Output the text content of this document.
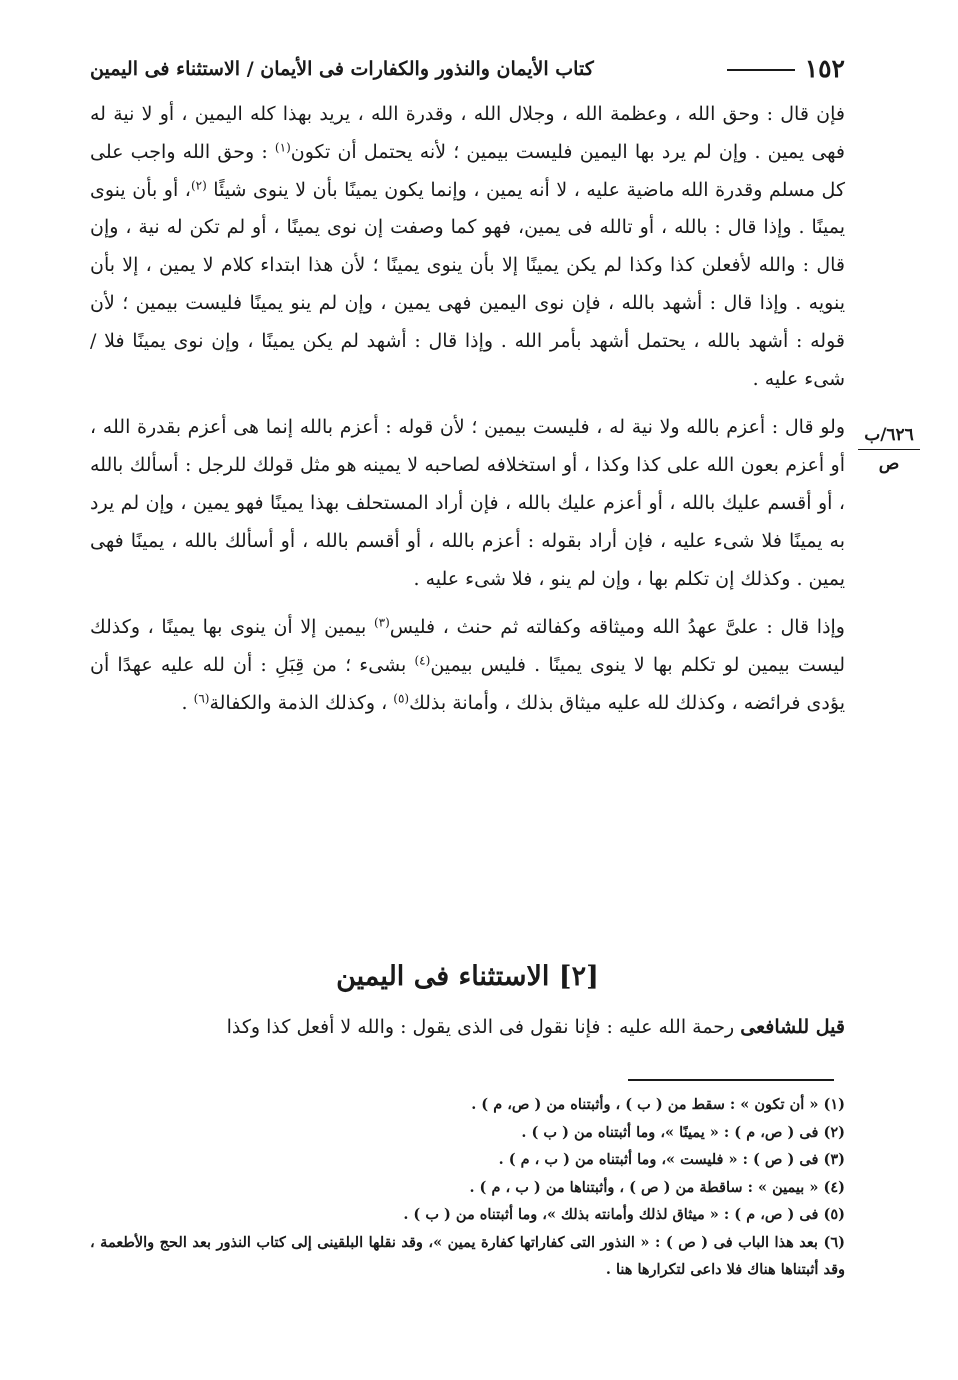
١٥٢
كتاب الأيمان والنذور والكفارات فى الأيمان / الاستثناء فى اليمين
٦٢٦/ب
ص

فإن قال : وحق الله ، وعظمة الله ، وجلال الله ، وقدرة الله ، يريد بهذا كله اليمين ، أو لا نية له فهى يمين . وإن لم يرد بها اليمين فليست بيمين ؛ لأنه يحتمل أن تكون$^{(١)}$ : وحق الله واجب على كل مسلم وقدرة الله ماضية عليه ، لا أنه يمين ، وإنما يكون يمينًا بأن لا ينوى شيئًا $^{(٢)}$، أو بأن ينوى يمينًا . وإذا قال : بالله ، أو تالله فى يمين، فهو كما وصفت إن نوى يمينًا ، أو لم تكن له نية ، وإن قال : والله لأفعلن كذا وكذا لم يكن يمينًا إلا بأن ينوى يمينًا ؛ لأن هذا ابتداء كلام لا يمين ، إلا بأن ينويه . وإذا قال : أشهد بالله ، فإن نوى اليمين فهى يمين ، وإن لم ينو يمينًا فليست بيمين ؛ لأن قوله : أشهد بالله ، يحتمل أشهد بأمر الله . وإذا قال : أشهد لم يكن يمينًا ، وإن نوى يمينًا فلا /شىء عليه .

ولو قال : أعزم بالله ولا نية له ، فليست بيمين ؛ لأن قوله : أعزم بالله إنما هى أعزم بقدرة الله ، أو أعزم بعون الله على كذا وكذا ، أو استخلافه لصاحبه لا يمينه هو مثل قولك للرجل : أسألك بالله ، أو أقسم عليك بالله ، أو أعزم عليك بالله ، فإن أراد المستحلف بهذا يمينًا فهو يمين ، وإن لم يرد به يمينًا فلا شىء عليه ، فإن أراد بقوله : أعزم بالله ، أو أقسم بالله ، أو أسألك بالله ، يمينًا فهى يمين . وكذلك إن تكلم بها ، وإن لم ينو ، فلا شىء عليه .

وإذا قال : علىَّ عهدُ الله وميثاقه وكفالته ثم حنث ، فليس$^{(٣)}$ بيمين إلا أن ينوى بها يمينًا ، وكذلك ليست بيمين لو تكلم بها لا ينوى يمينًا . فليس بيمين$^{(٤)}$ بشىء ؛ من قِبَلِ : أن لله عليه عهدًا أن يؤدى فرائضه ، وكذلك لله عليه ميثاق بذلك ، وأمانة بذلك$^{(٥)}$ ، وكذلك الذمة والكفالة$^{(٦)}$ .

[٢] الاستثناء فى اليمين
قيل للشافعى رحمة الله عليه : فإنا نقول فى الذى يقول : والله لا أفعل كذا وكذا

(١) « أن تكون » : سقط من ( ب ) ، وأثبتناه من ( ص، م ) .

(٢) فى ( ص، م ) : « يمينًا »، وما أثبتناه من ( ب ) .

(٣) فى ( ص ) : « فليست »، وما أثبتناه من ( ب ، م ) .

(٤) « بيمين » : ساقطة من ( ص ) ، وأثبتناها من ( ب ، م ) .

(٥) فى ( ص، م ) : « ميثاق لذلك وأمانته بذلك »، وما أثبتناه من ( ب ) .

(٦) بعد هذا الباب فى ( ص ) : « النذور التى كفاراتها كفارة يمين »، وقد نقلها البلقينى إلى كتاب النذور بعد الحج والأطعمة ، وقد أثبتناها هناك فلا داعى لتكرارها هنا .
